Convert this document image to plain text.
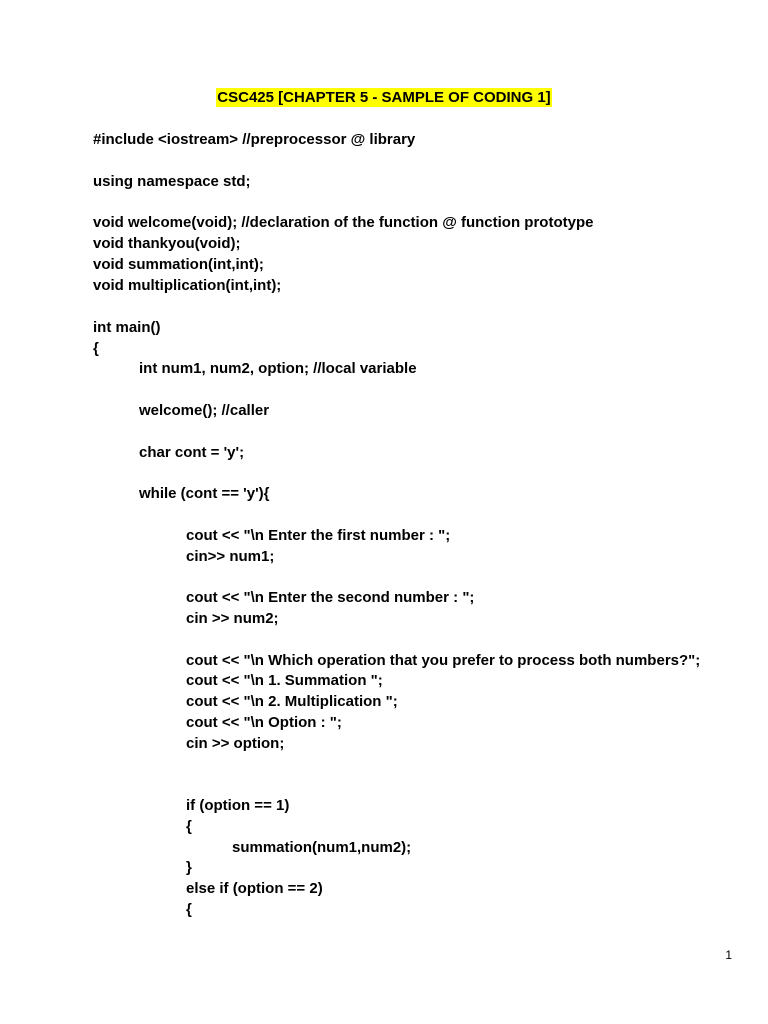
CSC425 [CHAPTER 5 - SAMPLE OF CODING 1]
#include <iostream> //preprocessor @ library
using namespace std;
void welcome(void); //declaration of the function @ function prototype
void thankyou(void);
void summation(int,int);
void multiplication(int,int);
int main()
{
int num1, num2, option; //local variable
welcome(); //caller
char cont = 'y';
while (cont == 'y'){
cout << "\n Enter the first number : ";
cin>> num1;
cout << "\n Enter the second number : ";
cin >> num2;
cout << "\n Which operation that you prefer to process both numbers?";
cout << "\n 1. Summation ";
cout << "\n 2. Multiplication ";
cout << "\n Option : ";
cin >> option;
if (option == 1)
{
summation(num1,num2);
}
else if (option == 2)
{
1
